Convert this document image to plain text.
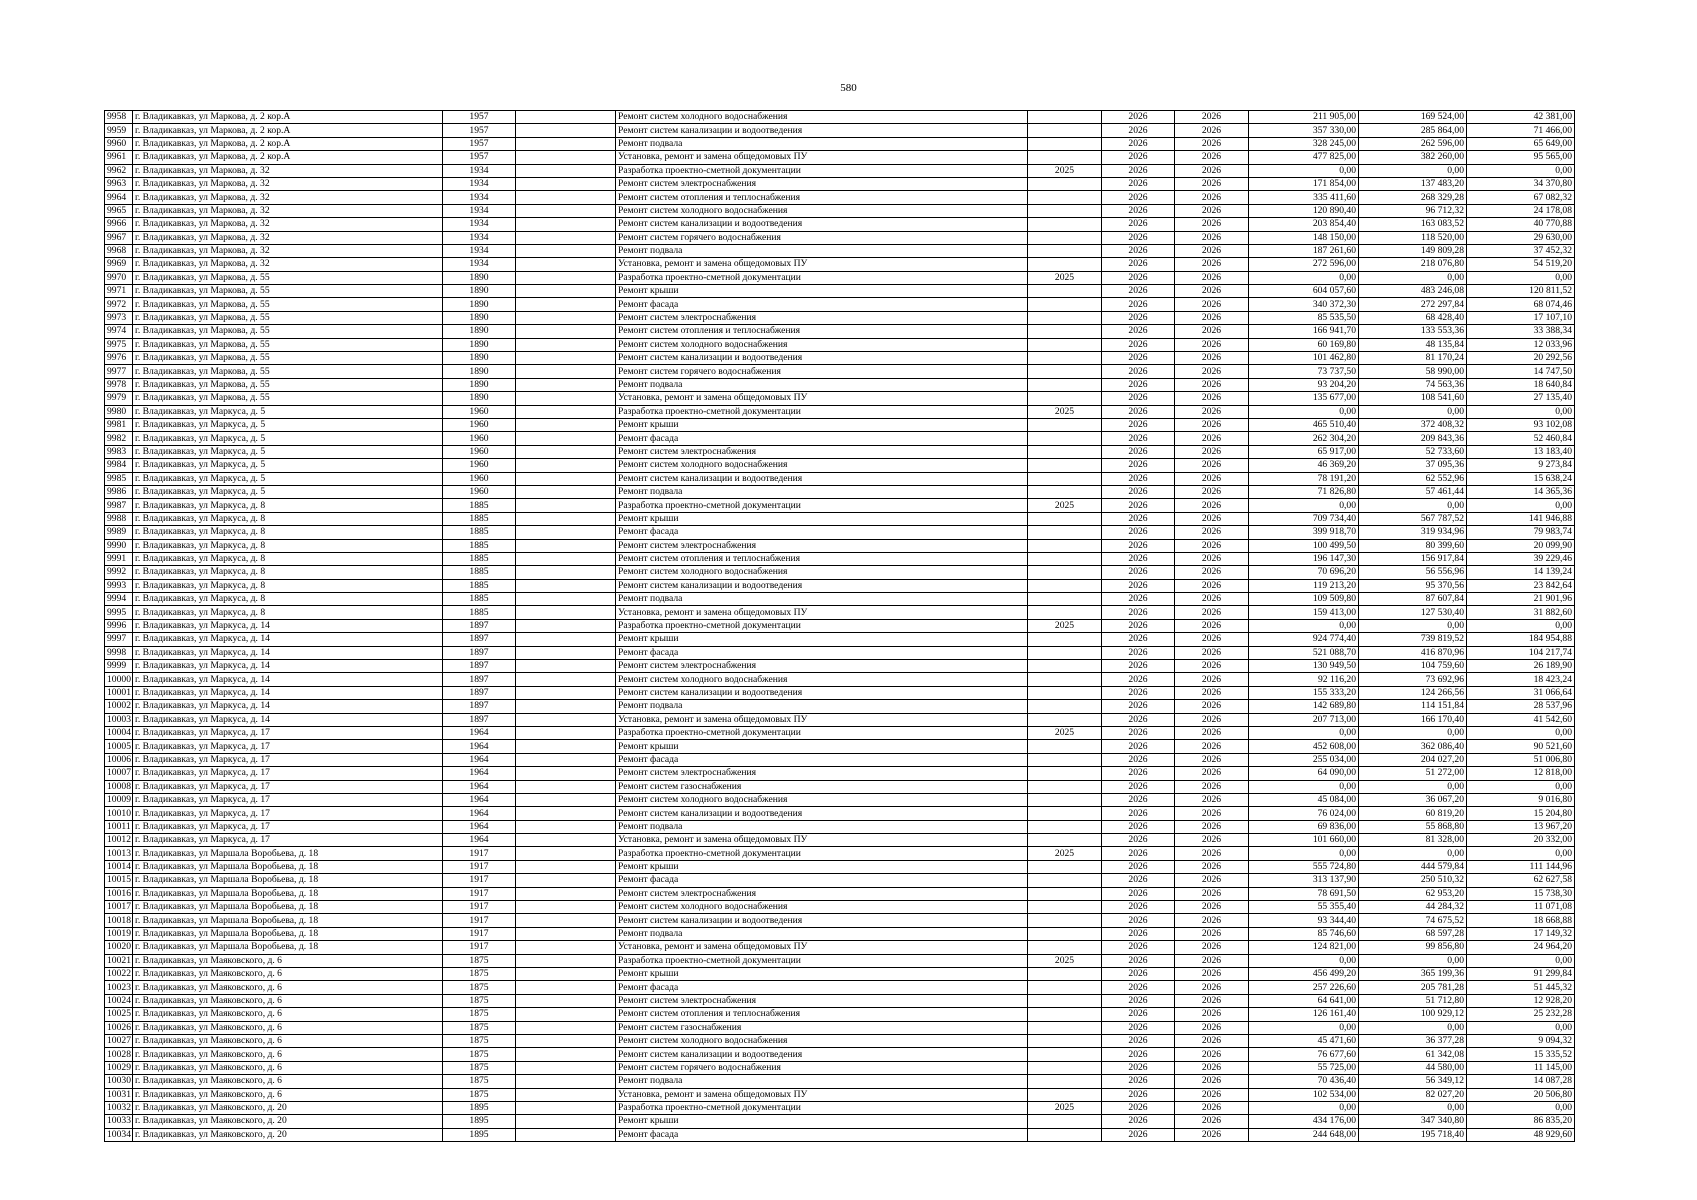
580
9958	г. Владикавказ, ул Маркова, д. 2 кор.А	1957		Ремонт систем холодного водоснабжения		2026	2026	211 905,00	169 524,00	42 381,00
9959	г. Владикавказ, ул Маркова, д. 2 кор.А	1957		Ремонт систем канализации и водоотведения		2026	2026	357 330,00	285 864,00	71 466,00
9960	г. Владикавказ, ул Маркова, д. 2 кор.А	1957		Ремонт подвала		2026	2026	328 245,00	262 596,00	65 649,00
9961	г. Владикавказ, ул Маркова, д. 2 кор.А	1957		Установка, ремонт и замена общедомовых ПУ		2026	2026	477 825,00	382 260,00	95 565,00
9962	г. Владикавказ, ул Маркова, д. 32	1934		Разработка проектно-сметной документации	2025	2026	2026	0,00	0,00	0,00
9963	г. Владикавказ, ул Маркова, д. 32	1934		Ремонт систем электроснабжения		2026	2026	171 854,00	137 483,20	34 370,80
9964	г. Владикавказ, ул Маркова, д. 32	1934		Ремонт систем отопления и теплоснабжения		2026	2026	335 411,60	268 329,28	67 082,32
9965	г. Владикавказ, ул Маркова, д. 32	1934		Ремонт систем холодного водоснабжения		2026	2026	120 890,40	96 712,32	24 178,08
9966	г. Владикавказ, ул Маркова, д. 32	1934		Ремонт систем канализации и водоотведения		2026	2026	203 854,40	163 083,52	40 770,88
9967	г. Владикавказ, ул Маркова, д. 32	1934		Ремонт систем горячего водоснабжения		2026	2026	148 150,00	118 520,00	29 630,00
9968	г. Владикавказ, ул Маркова, д. 32	1934		Ремонт подвала		2026	2026	187 261,60	149 809,28	37 452,32
9969	г. Владикавказ, ул Маркова, д. 32	1934		Установка, ремонт и замена общедомовых ПУ		2026	2026	272 596,00	218 076,80	54 519,20
9970	г. Владикавказ, ул Маркова, д. 55	1890		Разработка проектно-сметной документации	2025	2026	2026	0,00	0,00	0,00
9971	г. Владикавказ, ул Маркова, д. 55	1890		Ремонт крыши		2026	2026	604 057,60	483 246,08	120 811,52
9972	г. Владикавказ, ул Маркова, д. 55	1890		Ремонт фасада		2026	2026	340 372,30	272 297,84	68 074,46
9973	г. Владикавказ, ул Маркова, д. 55	1890		Ремонт систем электроснабжения		2026	2026	85 535,50	68 428,40	17 107,10
9974	г. Владикавказ, ул Маркова, д. 55	1890		Ремонт систем отопления и теплоснабжения		2026	2026	166 941,70	133 553,36	33 388,34
9975	г. Владикавказ, ул Маркова, д. 55	1890		Ремонт систем холодного водоснабжения		2026	2026	60 169,80	48 135,84	12 033,96
9976	г. Владикавказ, ул Маркова, д. 55	1890		Ремонт систем канализации и водоотведения		2026	2026	101 462,80	81 170,24	20 292,56
9977	г. Владикавказ, ул Маркова, д. 55	1890		Ремонт систем горячего водоснабжения		2026	2026	73 737,50	58 990,00	14 747,50
9978	г. Владикавказ, ул Маркова, д. 55	1890		Ремонт подвала		2026	2026	93 204,20	74 563,36	18 640,84
9979	г. Владикавказ, ул Маркова, д. 55	1890		Установка, ремонт и замена общедомовых ПУ		2026	2026	135 677,00	108 541,60	27 135,40
9980	г. Владикавказ, ул Маркуса, д. 5	1960		Разработка проектно-сметной документации	2025	2026	2026	0,00	0,00	0,00
9981	г. Владикавказ, ул Маркуса, д. 5	1960		Ремонт крыши		2026	2026	465 510,40	372 408,32	93 102,08
9982	г. Владикавказ, ул Маркуса, д. 5	1960		Ремонт фасада		2026	2026	262 304,20	209 843,36	52 460,84
9983	г. Владикавказ, ул Маркуса, д. 5	1960		Ремонт систем электроснабжения		2026	2026	65 917,00	52 733,60	13 183,40
9984	г. Владикавказ, ул Маркуса, д. 5	1960		Ремонт систем холодного водоснабжения		2026	2026	46 369,20	37 095,36	9 273,84
9985	г. Владикавказ, ул Маркуса, д. 5	1960		Ремонт систем канализации и водоотведения		2026	2026	78 191,20	62 552,96	15 638,24
9986	г. Владикавказ, ул Маркуса, д. 5	1960		Ремонт подвала		2026	2026	71 826,80	57 461,44	14 365,36
9987	г. Владикавказ, ул Маркуса, д. 8	1885		Разработка проектно-сметной документации	2025	2026	2026	0,00	0,00	0,00
9988	г. Владикавказ, ул Маркуса, д. 8	1885		Ремонт крыши		2026	2026	709 734,40	567 787,52	141 946,88
9989	г. Владикавказ, ул Маркуса, д. 8	1885		Ремонт фасада		2026	2026	399 918,70	319 934,96	79 983,74
9990	г. Владикавказ, ул Маркуса, д. 8	1885		Ремонт систем электроснабжения		2026	2026	100 499,50	80 399,60	20 099,90
9991	г. Владикавказ, ул Маркуса, д. 8	1885		Ремонт систем отопления и теплоснабжения		2026	2026	196 147,30	156 917,84	39 229,46
9992	г. Владикавказ, ул Маркуса, д. 8	1885		Ремонт систем холодного водоснабжения		2026	2026	70 696,20	56 556,96	14 139,24
9993	г. Владикавказ, ул Маркуса, д. 8	1885		Ремонт систем канализации и водоотведения		2026	2026	119 213,20	95 370,56	23 842,64
9994	г. Владикавказ, ул Маркуса, д. 8	1885		Ремонт подвала		2026	2026	109 509,80	87 607,84	21 901,96
9995	г. Владикавказ, ул Маркуса, д. 8	1885		Установка, ремонт и замена общедомовых ПУ		2026	2026	159 413,00	127 530,40	31 882,60
9996	г. Владикавказ, ул Маркуса, д. 14	1897		Разработка проектно-сметной документации	2025	2026	2026	0,00	0,00	0,00
9997	г. Владикавказ, ул Маркуса, д. 14	1897		Ремонт крыши		2026	2026	924 774,40	739 819,52	184 954,88
9998	г. Владикавказ, ул Маркуса, д. 14	1897		Ремонт фасада		2026	2026	521 088,70	416 870,96	104 217,74
9999	г. Владикавказ, ул Маркуса, д. 14	1897		Ремонт систем электроснабжения		2026	2026	130 949,50	104 759,60	26 189,90
10000	г. Владикавказ, ул Маркуса, д. 14	1897		Ремонт систем холодного водоснабжения		2026	2026	92 116,20	73 692,96	18 423,24
10001	г. Владикавказ, ул Маркуса, д. 14	1897		Ремонт систем канализации и водоотведения		2026	2026	155 333,20	124 266,56	31 066,64
10002	г. Владикавказ, ул Маркуса, д. 14	1897		Ремонт подвала		2026	2026	142 689,80	114 151,84	28 537,96
10003	г. Владикавказ, ул Маркуса, д. 14	1897		Установка, ремонт и замена общедомовых ПУ		2026	2026	207 713,00	166 170,40	41 542,60
10004	г. Владикавказ, ул Маркуса, д. 17	1964		Разработка проектно-сметной документации	2025	2026	2026	0,00	0,00	0,00
10005	г. Владикавказ, ул Маркуса, д. 17	1964		Ремонт крыши		2026	2026	452 608,00	362 086,40	90 521,60
10006	г. Владикавказ, ул Маркуса, д. 17	1964		Ремонт фасада		2026	2026	255 034,00	204 027,20	51 006,80
10007	г. Владикавказ, ул Маркуса, д. 17	1964		Ремонт систем электроснабжения		2026	2026	64 090,00	51 272,00	12 818,00
10008	г. Владикавказ, ул Маркуса, д. 17	1964		Ремонт систем газоснабжения		2026	2026	0,00	0,00	0,00
10009	г. Владикавказ, ул Маркуса, д. 17	1964		Ремонт систем холодного водоснабжения		2026	2026	45 084,00	36 067,20	9 016,80
10010	г. Владикавказ, ул Маркуса, д. 17	1964		Ремонт систем канализации и водоотведения		2026	2026	76 024,00	60 819,20	15 204,80
10011	г. Владикавказ, ул Маркуса, д. 17	1964		Ремонт подвала		2026	2026	69 836,00	55 868,80	13 967,20
10012	г. Владикавказ, ул Маркуса, д. 17	1964		Установка, ремонт и замена общедомовых ПУ		2026	2026	101 660,00	81 328,00	20 332,00
10013	г. Владикавказ, ул Маршала Воробьева, д. 18	1917		Разработка проектно-сметной документации	2025	2026	2026	0,00	0,00	0,00
10014	г. Владикавказ, ул Маршала Воробьева, д. 18	1917		Ремонт крыши		2026	2026	555 724,80	444 579,84	111 144,96
10015	г. Владикавказ, ул Маршала Воробьева, д. 18	1917		Ремонт фасада		2026	2026	313 137,90	250 510,32	62 627,58
10016	г. Владикавказ, ул Маршала Воробьева, д. 18	1917		Ремонт систем электроснабжения		2026	2026	78 691,50	62 953,20	15 738,30
10017	г. Владикавказ, ул Маршала Воробьева, д. 18	1917		Ремонт систем холодного водоснабжения		2026	2026	55 355,40	44 284,32	11 071,08
10018	г. Владикавказ, ул Маршала Воробьева, д. 18	1917		Ремонт систем канализации и водоотведения		2026	2026	93 344,40	74 675,52	18 668,88
10019	г. Владикавказ, ул Маршала Воробьева, д. 18	1917		Ремонт подвала		2026	2026	85 746,60	68 597,28	17 149,32
10020	г. Владикавказ, ул Маршала Воробьева, д. 18	1917		Установка, ремонт и замена общедомовых ПУ		2026	2026	124 821,00	99 856,80	24 964,20
10021	г. Владикавказ, ул Маяковского, д. 6	1875		Разработка проектно-сметной документации	2025	2026	2026	0,00	0,00	0,00
10022	г. Владикавказ, ул Маяковского, д. 6	1875		Ремонт крыши		2026	2026	456 499,20	365 199,36	91 299,84
10023	г. Владикавказ, ул Маяковского, д. 6	1875		Ремонт фасада		2026	2026	257 226,60	205 781,28	51 445,32
10024	г. Владикавказ, ул Маяковского, д. 6	1875		Ремонт систем электроснабжения		2026	2026	64 641,00	51 712,80	12 928,20
10025	г. Владикавказ, ул Маяковского, д. 6	1875		Ремонт систем отопления и теплоснабжения		2026	2026	126 161,40	100 929,12	25 232,28
10026	г. Владикавказ, ул Маяковского, д. 6	1875		Ремонт систем газоснабжения		2026	2026	0,00	0,00	0,00
10027	г. Владикавказ, ул Маяковского, д. 6	1875		Ремонт систем холодного водоснабжения		2026	2026	45 471,60	36 377,28	9 094,32
10028	г. Владикавказ, ул Маяковского, д. 6	1875		Ремонт систем канализации и водоотведения		2026	2026	76 677,60	61 342,08	15 335,52
10029	г. Владикавказ, ул Маяковского, д. 6	1875		Ремонт систем горячего водоснабжения		2026	2026	55 725,00	44 580,00	11 145,00
10030	г. Владикавказ, ул Маяковского, д. 6	1875		Ремонт подвала		2026	2026	70 436,40	56 349,12	14 087,28
10031	г. Владикавказ, ул Маяковского, д. 6	1875		Установка, ремонт и замена общедомовых ПУ		2026	2026	102 534,00	82 027,20	20 506,80
10032	г. Владикавказ, ул Маяковского, д. 20	1895		Разработка проектно-сметной документации	2025	2026	2026	0,00	0,00	0,00
10033	г. Владикавказ, ул Маяковского, д. 20	1895		Ремонт крыши		2026	2026	434 176,00	347 340,80	86 835,20
10034	г. Владикавказ, ул Маяковского, д. 20	1895		Ремонт фасада		2026	2026	244 648,00	195 718,40	48 929,60
